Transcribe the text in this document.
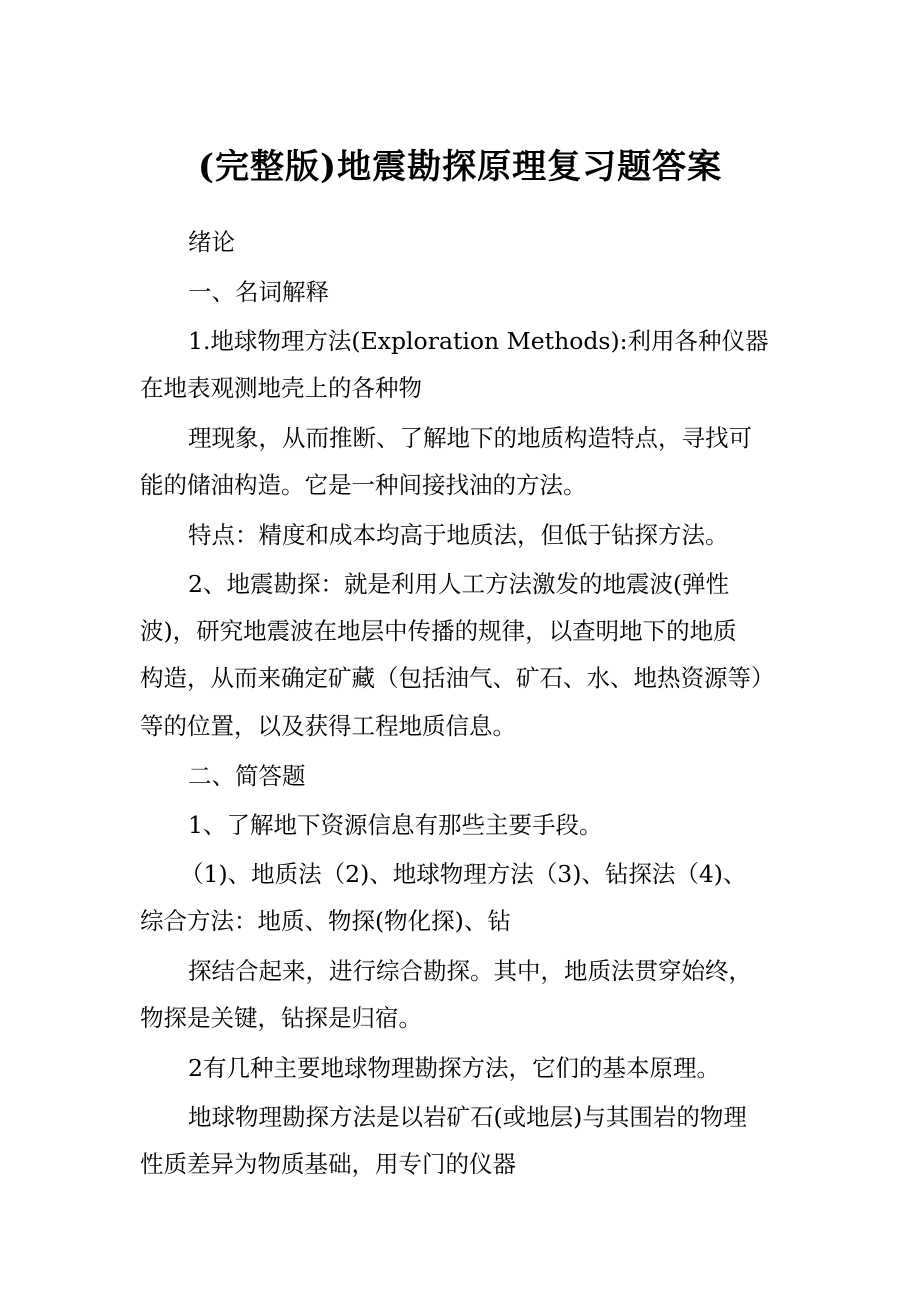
(完整版)地震勘探原理复习题答案
绪论
一、名词解释
1.地球物理方法(Exploration Methods):利用各种仪器
在地表观测地壳上的各种物
理现象，从而推断、了解地下的地质构造特点，寻找可
能的储油构造。它是一种间接找油的方法。
特点：精度和成本均高于地质法，但低于钻探方法。
2、地震勘探：就是利用人工方法激发的地震波(弹性
波)，研究地震波在地层中传播的规律，以查明地下的地质
构造，从而来确定矿藏（包括油气、矿石、水、地热资源等）
等的位置，以及获得工程地质信息。
二、简答题
1、了解地下资源信息有那些主要手段。
（1)、地质法（2)、地球物理方法（3)、钻探法（4)、
综合方法：地质、物探(物化探)、钻
探结合起来，进行综合勘探。其中，地质法贯穿始终，
物探是关键，钻探是归宿。
2有几种主要地球物理勘探方法，它们的基本原理。
地球物理勘探方法是以岩矿石(或地层)与其围岩的物理
性质差异为物质基础，用专门的仪器
